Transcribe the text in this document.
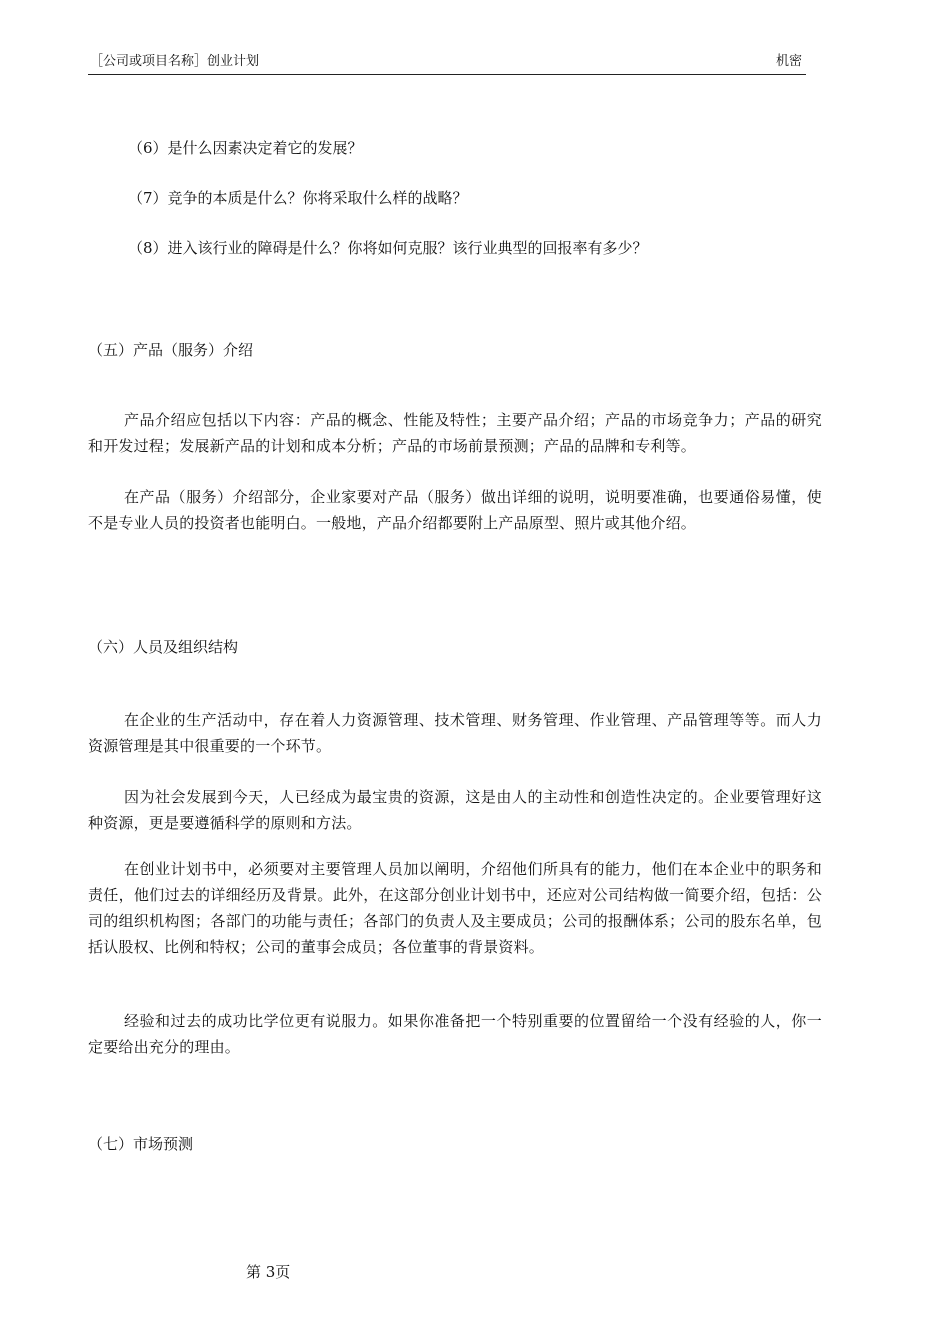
［公司或项目名称］创业计划	机密
（6）是什么因素决定着它的发展？
（7）竞争的本质是什么？你将采取什么样的战略？
（8）进入该行业的障碍是什么？你将如何克服？该行业典型的回报率有多少？
（五）产品（服务）介绍
产品介绍应包括以下内容：产品的概念、性能及特性；主要产品介绍；产品的市场竞争力；产品的研究和开发过程；发展新产品的计划和成本分析；产品的市场前景预测；产品的品牌和专利等。
在产品（服务）介绍部分，企业家要对产品（服务）做出详细的说明，说明要准确，也要通俗易懂，使不是专业人员的投资者也能明白。一般地，产品介绍都要附上产品原型、照片或其他介绍。
（六）人员及组织结构
在企业的生产活动中，存在着人力资源管理、技术管理、财务管理、作业管理、产品管理等等。而人力资源管理是其中很重要的一个环节。
因为社会发展到今天，人已经成为最宝贵的资源，这是由人的主动性和创造性决定的。企业要管理好这种资源，更是要遵循科学的原则和方法。
在创业计划书中，必须要对主要管理人员加以阐明，介绍他们所具有的能力，他们在本企业中的职务和责任，他们过去的详细经历及背景。此外，在这部分创业计划书中，还应对公司结构做一简要介绍，包括：公司的组织机构图；各部门的功能与责任；各部门的负责人及主要成员；公司的报酬体系；公司的股东名单，包括认股权、比例和特权；公司的董事会成员；各位董事的背景资料。
经验和过去的成功比学位更有说服力。如果你准备把一个特别重要的位置留给一个没有经验的人，你一定要给出充分的理由。
（七）市场预测
第 3页
